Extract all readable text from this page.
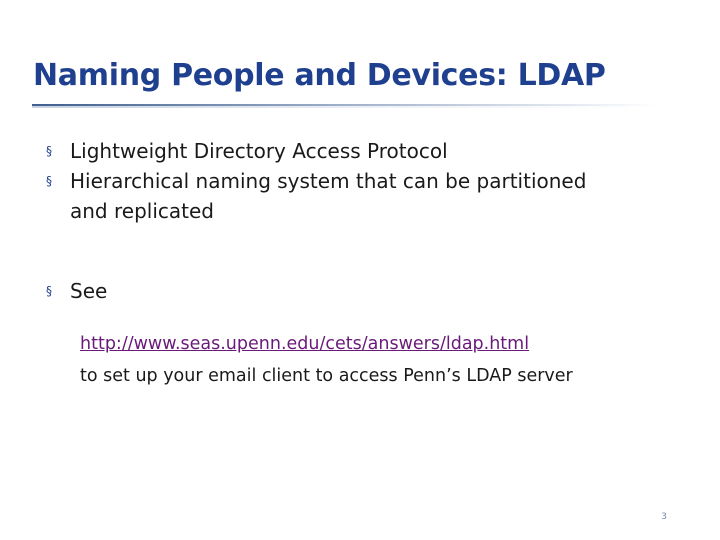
Naming People and Devices: LDAP
§ Lightweight Directory Access Protocol
§ Hierarchical naming system that can be partitioned
and replicated
§ See
http://www.seas.upenn.edu/cets/answers/ldap.html
to set up your email client to access Penn’s LDAP server
3
